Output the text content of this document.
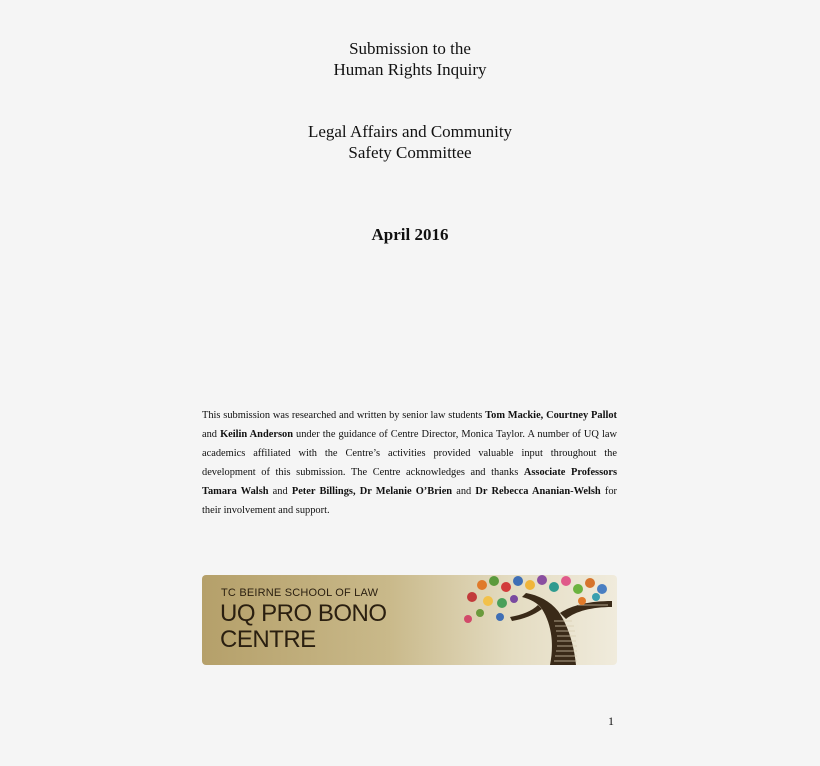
Submission to the
Human Rights Inquiry
Legal Affairs and Community
Safety Committee
April 2016
This submission was researched and written by senior law students Tom Mackie, Courtney Pallot and Keilin Anderson under the guidance of Centre Director, Monica Taylor. A number of UQ law academics affiliated with the Centre’s activities provided valuable input throughout the development of this submission. The Centre acknowledges and thanks Associate Professors Tamara Walsh and Peter Billings, Dr Melanie O’Brien and Dr Rebecca Ananian-Welsh for their involvement and support.
TC BEIRNE SCHOOL OF LAW
UQ PRO BONO
CENTRE
1
